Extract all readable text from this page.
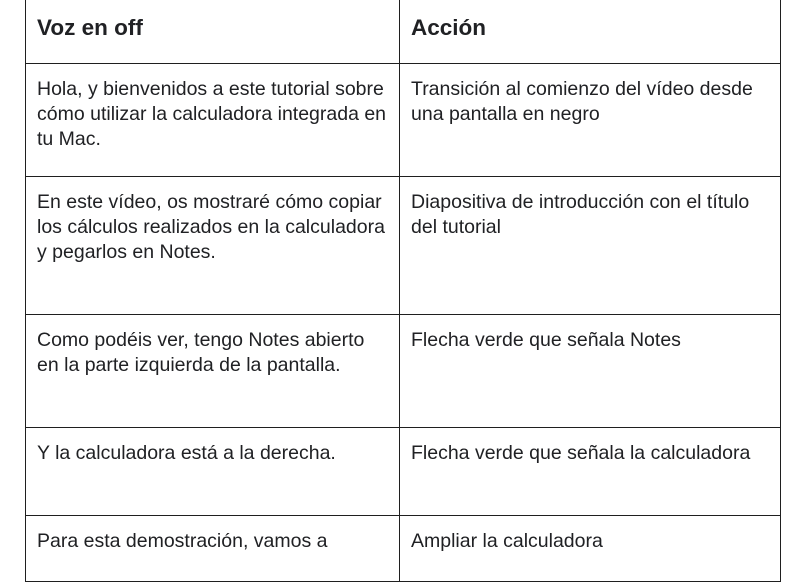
Voz en off	Acción
Hola, y bienvenidos a este tutorial sobre cómo utilizar la calculadora integrada en tu Mac.	Transición al comienzo del vídeo desde una pantalla en negro
En este vídeo, os mostraré cómo copiar los cálculos realizados en la calculadora y pegarlos en Notes.	Diapositiva de introducción con el título del tutorial
Como podéis ver, tengo Notes abierto en la parte izquierda de la pantalla.	Flecha verde que señala Notes
Y la calculadora está a la derecha.	Flecha verde que señala la calculadora
Para esta demostración, vamos a	Ampliar la calculadora
